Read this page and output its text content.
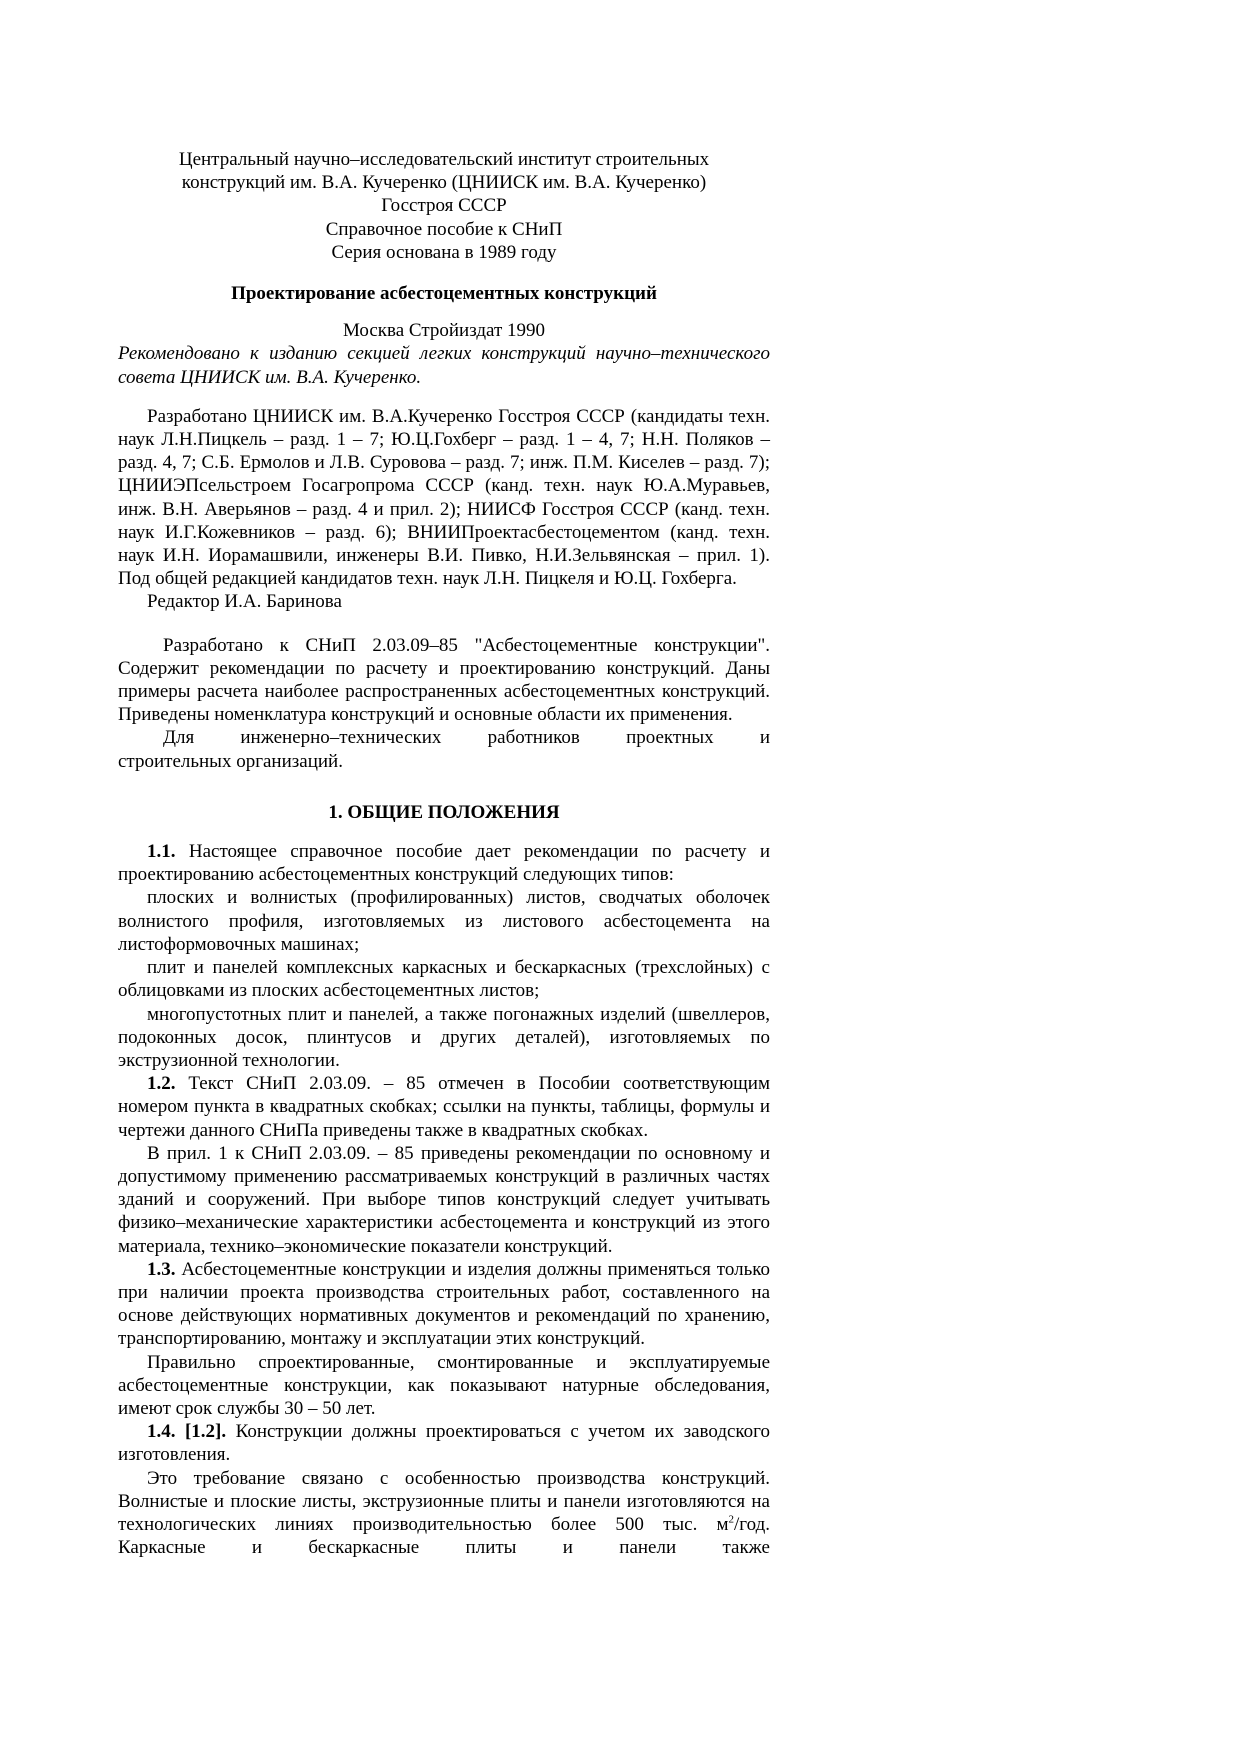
Центральный научно–исследовательский институт строительных
конструкций им. В.А. Кучеренко (ЦНИИСК им. В.А. Кучеренко)
Госстроя СССР
Справочное пособие к СНиП
Серия основана в 1989 году
Проектирование асбестоцементных конструкций
Москва Стройиздат 1990

Рекомендовано к изданию секцией легких конструкций научно–технического совета ЦНИИСК им. В.А. Кучеренко.

Разработано ЦНИИСК им. В.А.Кучеренко Госстроя СССР (кандидаты техн. наук Л.Н.Пицкель – разд. 1 – 7; Ю.Ц.Гохберг – разд. 1 – 4, 7; Н.Н. Поляков – разд. 4, 7; С.Б. Ермолов и Л.В. Суровова – разд. 7; инж. П.М. Киселев – разд. 7); ЦНИИЭПсельстроем Госагропрома СССР (канд. техн. наук Ю.А.Муравьев, инж. В.Н. Аверьянов – разд. 4 и прил. 2); НИИСФ Госстроя СССР (канд. техн. наук И.Г.Кожевников – разд. 6); ВНИИПроектасбестоцементом (канд. техн. наук И.Н. Иорамашвили, инженеры В.И. Пивко, Н.И.Зельвянская – прил. 1). Под общей редакцией кандидатов техн. наук Л.Н. Пицкеля и Ю.Ц. Гохберга.

Редактор И.А. Баринова

Разработано к СНиП 2.03.09–85 "Асбестоцементные конструкции". Содержит рекомендации по расчету и проектированию конструкций. Даны примеры расчета наиболее распространенных асбестоцементных конструкций. Приведены номенклатура конструкций и основные области их применения.

Для инженерно–технических работников проектных и

строительных организаций.

1. ОБЩИЕ ПОЛОЖЕНИЯ

1.1. Настоящее справочное пособие дает рекомендации по расчету и проектированию асбестоцементных конструкций следующих типов:

плоских и волнистых (профилированных) листов, сводчатых оболочек волнистого профиля, изготовляемых из листового асбестоцемента на листоформовочных машинах;

плит и панелей комплексных каркасных и бескаркасных (трехслойных) с облицовками из плоских асбестоцементных листов;

многопустотных плит и панелей, а также погонажных изделий (швеллеров, подоконных досок, плинтусов и других деталей), изготовляемых по экструзионной технологии.

1.2. Текст СНиП 2.03.09. – 85 отмечен в Пособии соответствующим номером пункта в квадратных скобках; ссылки на пункты, таблицы, формулы и чертежи данного СНиПа приведены также в квадратных скобках.

В прил. 1 к СНиП 2.03.09. – 85 приведены рекомендации по основному и допустимому применению рассматриваемых конструкций в различных частях зданий и сооружений. При выборе типов конструкций следует учитывать физико–механические характеристики асбестоцемента и конструкций из этого материала, технико–экономические показатели конструкций.

1.3. Асбестоцементные конструкции и изделия должны применяться только при наличии проекта производства строительных работ, составленного на основе действующих нормативных документов и рекомендаций по хранению, транспортированию, монтажу и эксплуатации этих конструкций.

Правильно спроектированные, смонтированные и эксплуатируемые асбестоцементные конструкции, как показывают натурные обследования, имеют срок службы 30 – 50 лет.

1.4. [1.2]. Конструкции должны проектироваться с учетом их заводского изготовления.

Это требование связано с особенностью производства конструкций. Волнистые и плоские листы, экструзионные плиты и панели изготовляются на технологических линиях производительностью более 500 тыс. $м^2$/год. Каркасные и бескаркасные плиты и панели также
